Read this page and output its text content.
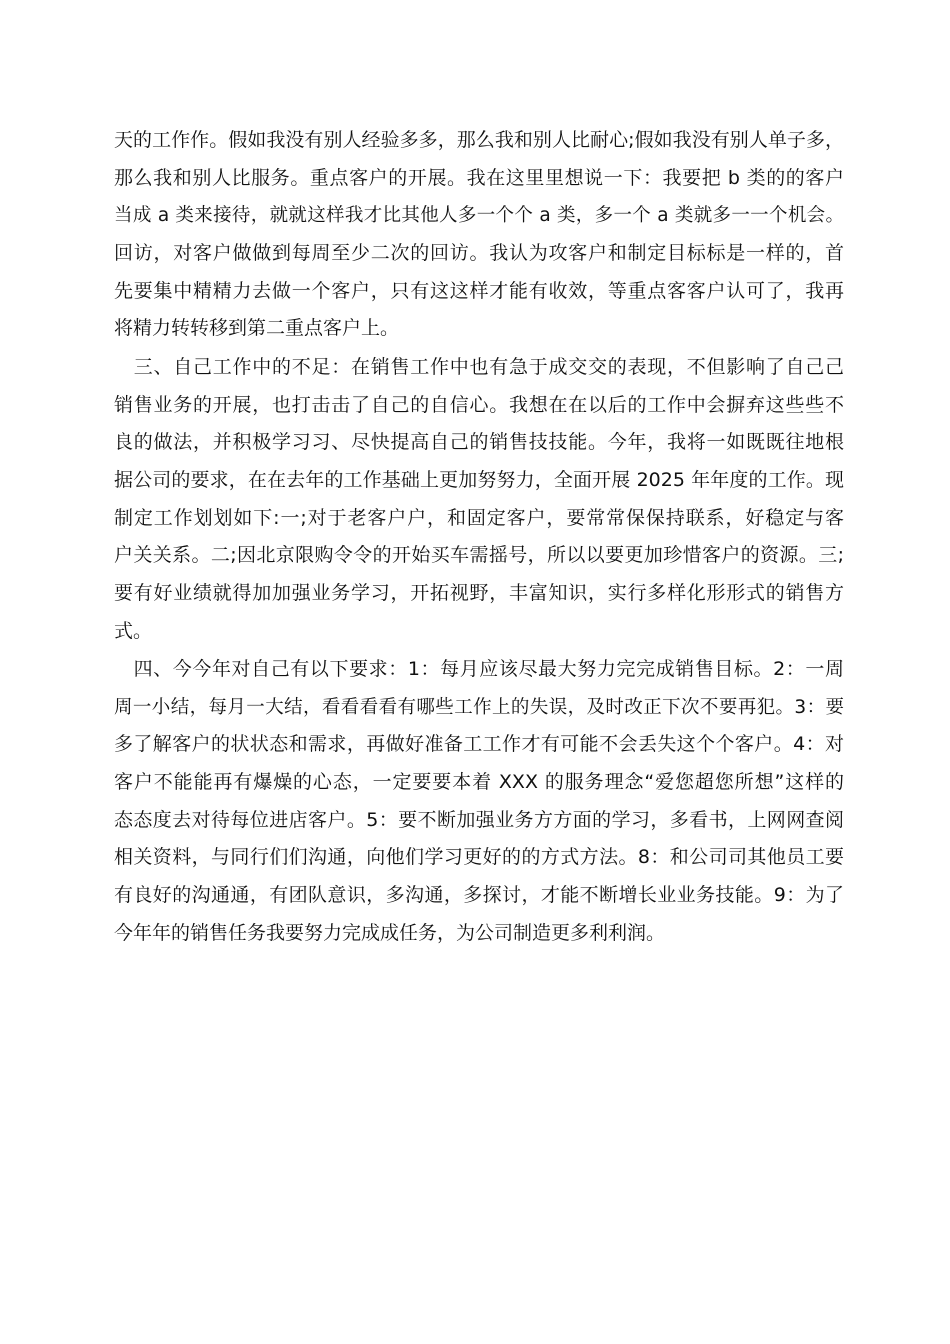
天的工作作。假如我没有别人经验多多，那么我和别人比耐心;假如我没有别人单子多，
那么我和别人比服务。重点客户的开展。我在这里里想说一下：我要把 b 类的的客户
当成 a 类来接待，就就这样我才比其他人多一个个 a 类，多一个 a 类就多一一个机会。
回访，对客户做做到每周至少二次的回访。我认为攻客户和制定目标标是一样的，首
先要集中精精力去做一个客户，只有这这样才能有收效，等重点客客户认可了，我再
将精力转转移到第二重点客户上。
　三、自己工作中的不足：在销售工作中也有急于成交交的表现，不但影响了自己己
销售业务的开展，也打击击了自己的自信心。我想在在以后的工作中会摒弃这些些不
良的做法，并积极学习习、尽快提高自己的销售技技能。今年，我将一如既既往地根
据公司的要求，在在去年的工作基础上更加努努力，全面开展 2025 年年度的工作。现
制定工作划划如下:一;对于老客户户，和固定客户，要常常保保持联系，好稳定与客
户关关系。二;因北京限购令令的开始买车需摇号，所以以要更加珍惜客户的资源。三;
要有好业绩就得加加强业务学习，开拓视野，丰富知识，实行多样化形形式的销售方
式。
　四、今今年对自己有以下要求：1：每月应该尽最大努力完完成销售目标。2：一周
周一小结，每月一大结，看看看看有哪些工作上的失误，及时改正下次不要再犯。3：要
多了解客户的状状态和需求，再做好准备工工作才有可能不会丢失这个个客户。4：对
客户不能能再有爆燥的心态，一定要要本着 XXX 的服务理念“爱您超您所想”这样的
态态度去对待每位进店客户。5：要不断加强业务方方面的学习，多看书，上网网查阅
相关资料，与同行们们沟通，向他们学习更好的的方式方法。8：和公司司其他员工要
有良好的沟通通，有团队意识，多沟通，多探讨，才能不断增长业业务技能。9：为了
今年年的销售任务我要努力完成成任务，为公司制造更多利利润。
